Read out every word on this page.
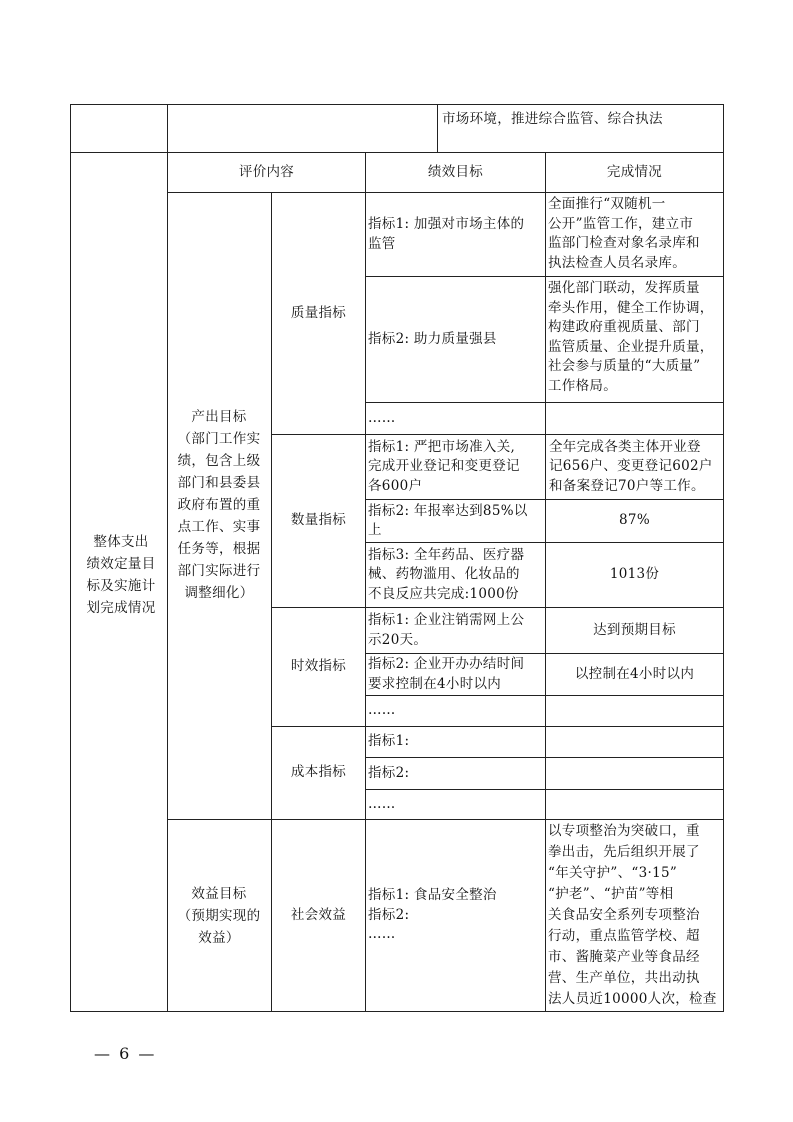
市场环境，推进综合监管、综合执法
整体支出
绩效定量目
标及实施计
划完成情况
评价内容	绩效目标	完成情况
产出目标
（部门工作实
绩，包含上级
部门和县委县
政府布置的重
点工作、实事
任务等，根据
部门实际进行
调整细化）
质量指标
指标1: 加强对市场主体的
监管
全面推行“双随机一
公开”监管工作，建立市
监部门检查对象名录库和
执法检查人员名录库。
指标2: 助力质量强县
强化部门联动，发挥质量
牵头作用，健全工作协调，
构建政府重视质量、部门
监管质量、企业提升质量，
社会参与质量的“大质量”
工作格局。
……
数量指标
指标1: 严把市场准入关,
完成开业登记和变更登记
各600户
全年完成各类主体开业登
记656户、变更登记602户
和备案登记70户等工作。
指标2: 年报率达到85%以
上
87%
指标3: 全年药品、医疗器
械、药物滥用、化妆品的
不良反应共完成:1000份
1013份
时效指标
指标1: 企业注销需网上公
示20天。
达到预期目标
指标2: 企业开办办结时间
要求控制在4小时以内
以控制在4小时以内
……
成本指标
指标1:
指标2:
……
效益目标
（预期实现的
效益）
社会效益
指标1: 食品安全整治
指标2:
……
以专项整治为突破口，重
拳出击，先后组织开展了
“年关守护”、“3·15”
“护老”、“护苗”等相
关食品安全系列专项整治
行动，重点监管学校、超
市、酱腌菜产业等食品经
营、生产单位，共出动执
法人员近10000人次，检查
— 6 —
